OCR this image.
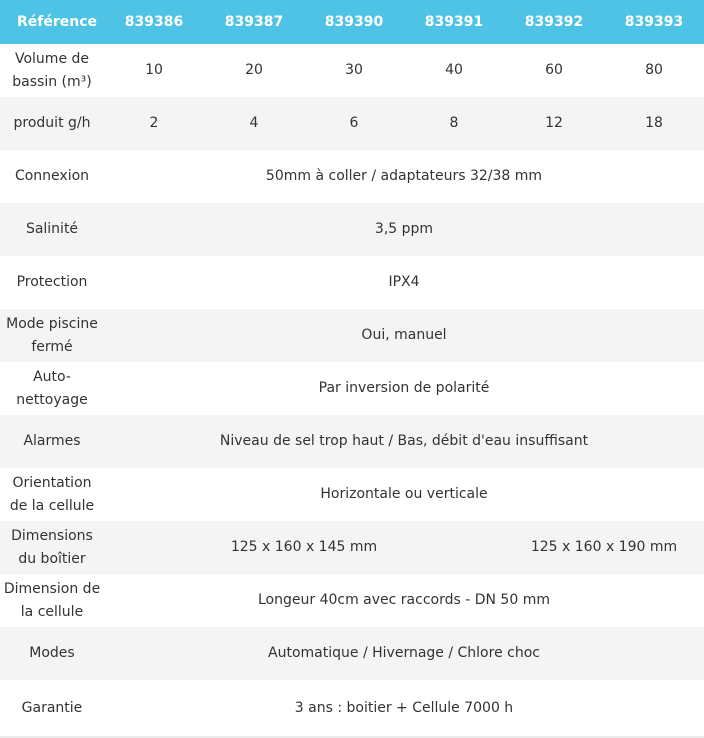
Référence	839386	839387	839390	839391	839392	839393
Volume de bassin (m³)	10	20	30	40	60	80
produit g/h	2	4	6	8	12	18
Connexion	50mm à coller / adaptateurs 32/38 mm					
Salinité	3,5 ppm					
Protection	IPX4					
Mode piscine fermé	Oui, manuel					
Auto-nettoyage	Par inversion de polarité					
Alarmes	Niveau de sel trop haut / Bas, débit d'eau insuffisant					
Orientation de la cellule	Horizontale ou verticale					
Dimensions du boîtier	125 x 160 x 145 mm				125 x 160 x 190 mm	
Dimension de la cellule	Longeur 40cm avec raccords - DN 50 mm					
Modes	Automatique / Hivernage / Chlore choc					
Garantie	3 ans : boitier + Cellule 7000 h					
